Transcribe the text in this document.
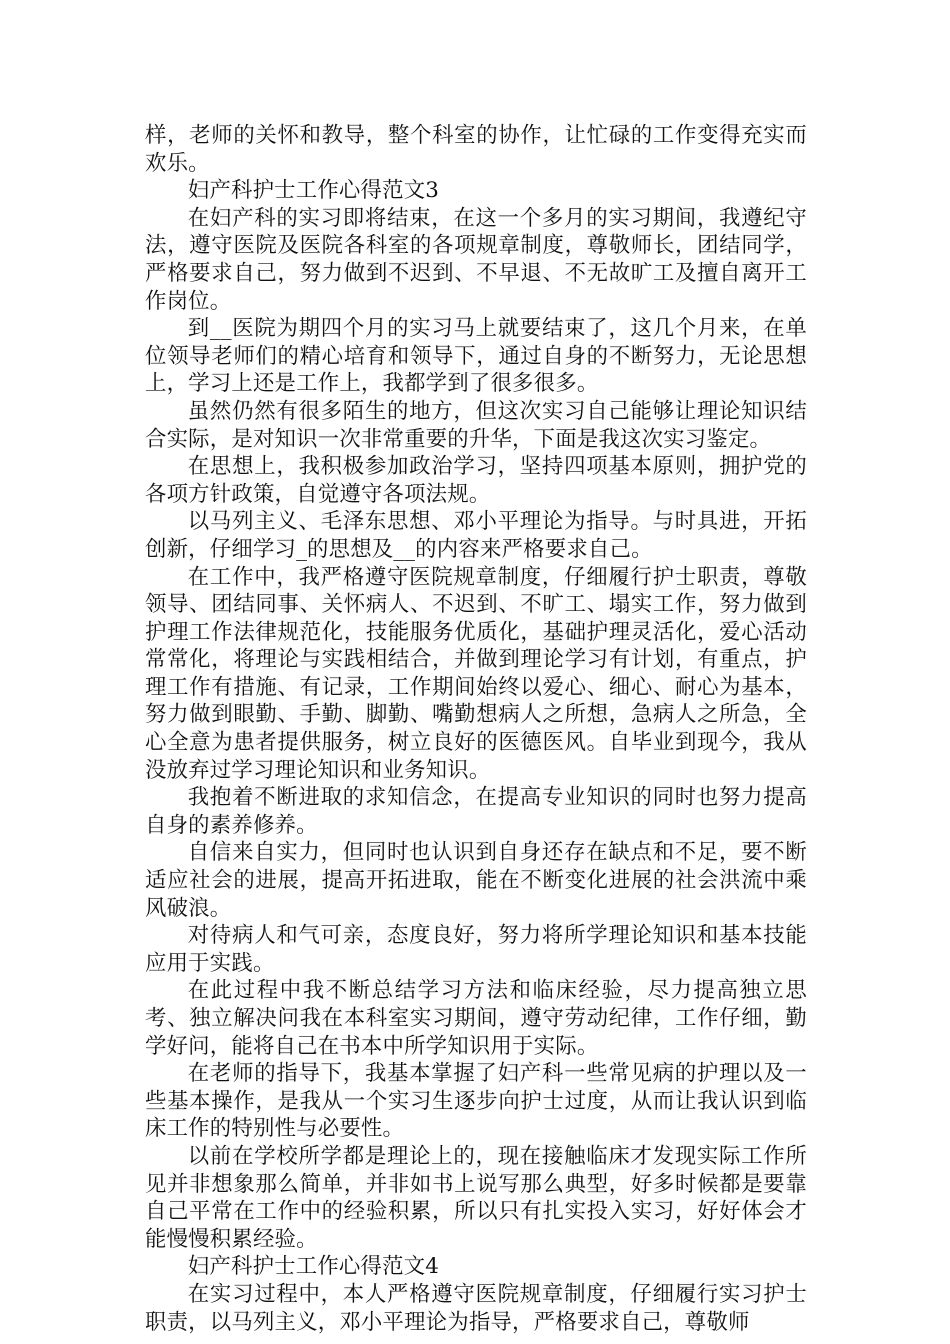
样，老师的关怀和教导，整个科室的协作，让忙碌的工作变得充实而欢乐。

妇产科护士工作心得范文3

在妇产科的实习即将结束，在这一个多月的实习期间，我遵纪守法，遵守医院及医院各科室的各项规章制度，尊敬师长，团结同学，严格要求自己，努力做到不迟到、不早退、不无故旷工及擅自离开工作岗位。

到__医院为期四个月的实习马上就要结束了，这几个月来，在单位领导老师们的精心培育和领导下，通过自身的不断努力，无论思想上，学习上还是工作上，我都学到了很多很多。

虽然仍然有很多陌生的地方，但这次实习自己能够让理论知识结合实际，是对知识一次非常重要的升华，下面是我这次实习鉴定。

在思想上，我积极参加政治学习，坚持四项基本原则，拥护党的各项方针政策，自觉遵守各项法规。

以马列主义、毛泽东思想、邓小平理论为指导。与时具进，开拓创新，仔细学习_的思想及__的内容来严格要求自己。

在工作中，我严格遵守医院规章制度，仔细履行护士职责，尊敬领导、团结同事、关怀病人、不迟到、不旷工、塌实工作，努力做到护理工作法律规范化，技能服务优质化，基础护理灵活化，爱心活动常常化，将理论与实践相结合，并做到理论学习有计划，有重点，护理工作有措施、有记录，工作期间始终以爱心、细心、耐心为基本，努力做到眼勤、手勤、脚勤、嘴勤想病人之所想，急病人之所急，全心全意为患者提供服务，树立良好的医德医风。自毕业到现今，我从没放弃过学习理论知识和业务知识。

我抱着不断进取的求知信念，在提高专业知识的同时也努力提高自身的素养修养。

自信来自实力，但同时也认识到自身还存在缺点和不足，要不断适应社会的进展，提高开拓进取，能在不断变化进展的社会洪流中乘风破浪。

对待病人和气可亲，态度良好，努力将所学理论知识和基本技能应用于实践。

在此过程中我不断总结学习方法和临床经验，尽力提高独立思考、独立解决问我在本科室实习期间，遵守劳动纪律，工作仔细，勤学好问，能将自己在书本中所学知识用于实际。

在老师的指导下，我基本掌握了妇产科一些常见病的护理以及一些基本操作，是我从一个实习生逐步向护士过度，从而让我认识到临床工作的特别性与必要性。

以前在学校所学都是理论上的，现在接触临床才发现实际工作所见并非想象那么简单，并非如书上说写那么典型，好多时候都是要靠自己平常在工作中的经验积累，所以只有扎实投入实习，好好体会才能慢慢积累经验。

妇产科护士工作心得范文4

在实习过程中，本人严格遵守医院规章制度，仔细履行实习护士职责，以马列主义，邓小平理论为指导，严格要求自己，尊敬师
